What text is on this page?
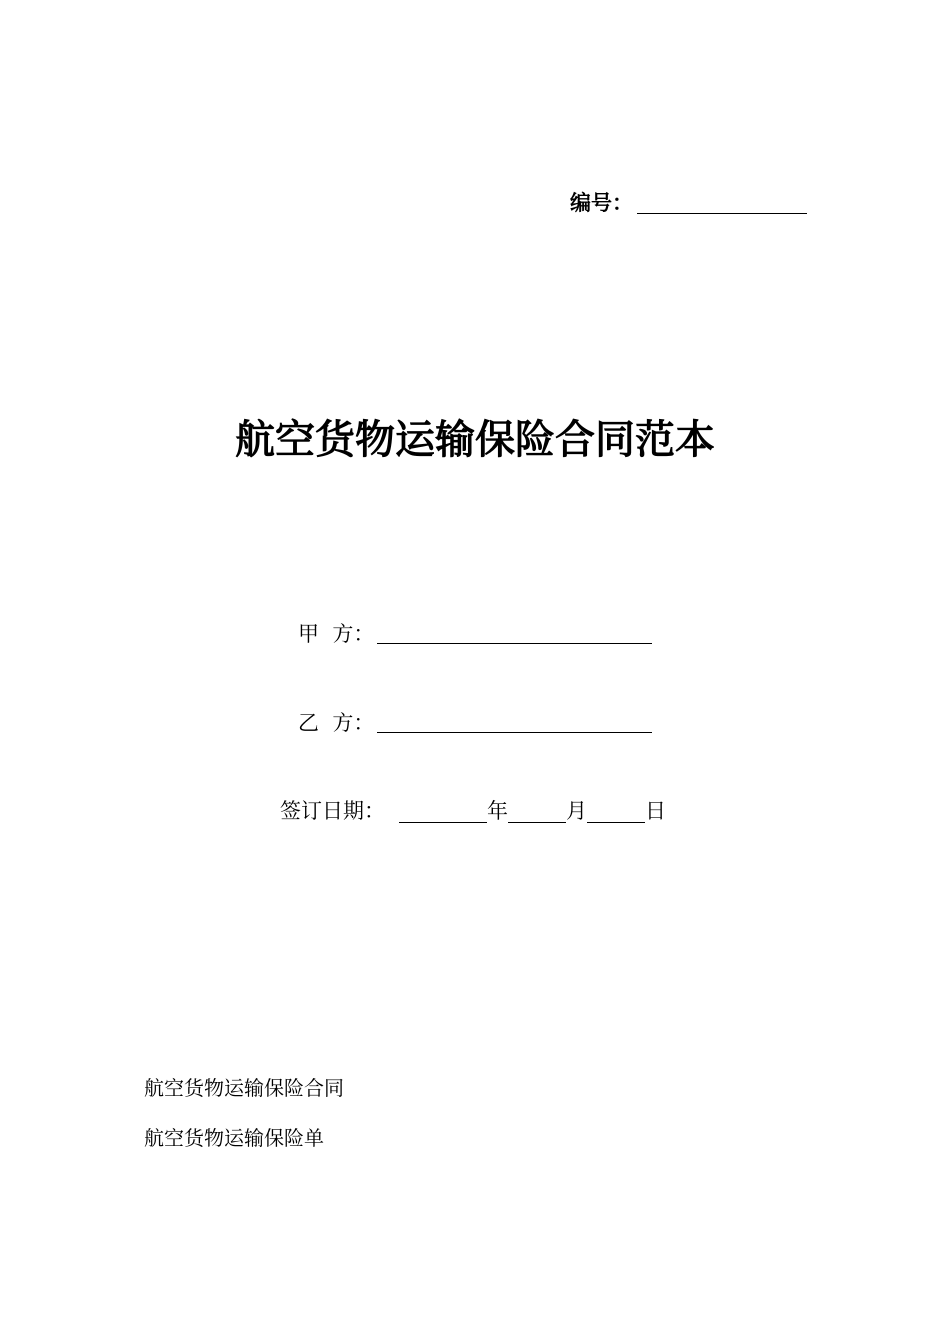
编号：
航空货物运输保险合同范本
甲  方：
乙  方：
签订日期：	年	月	日
航空货物运输保险合同
航空货物运输保险单
